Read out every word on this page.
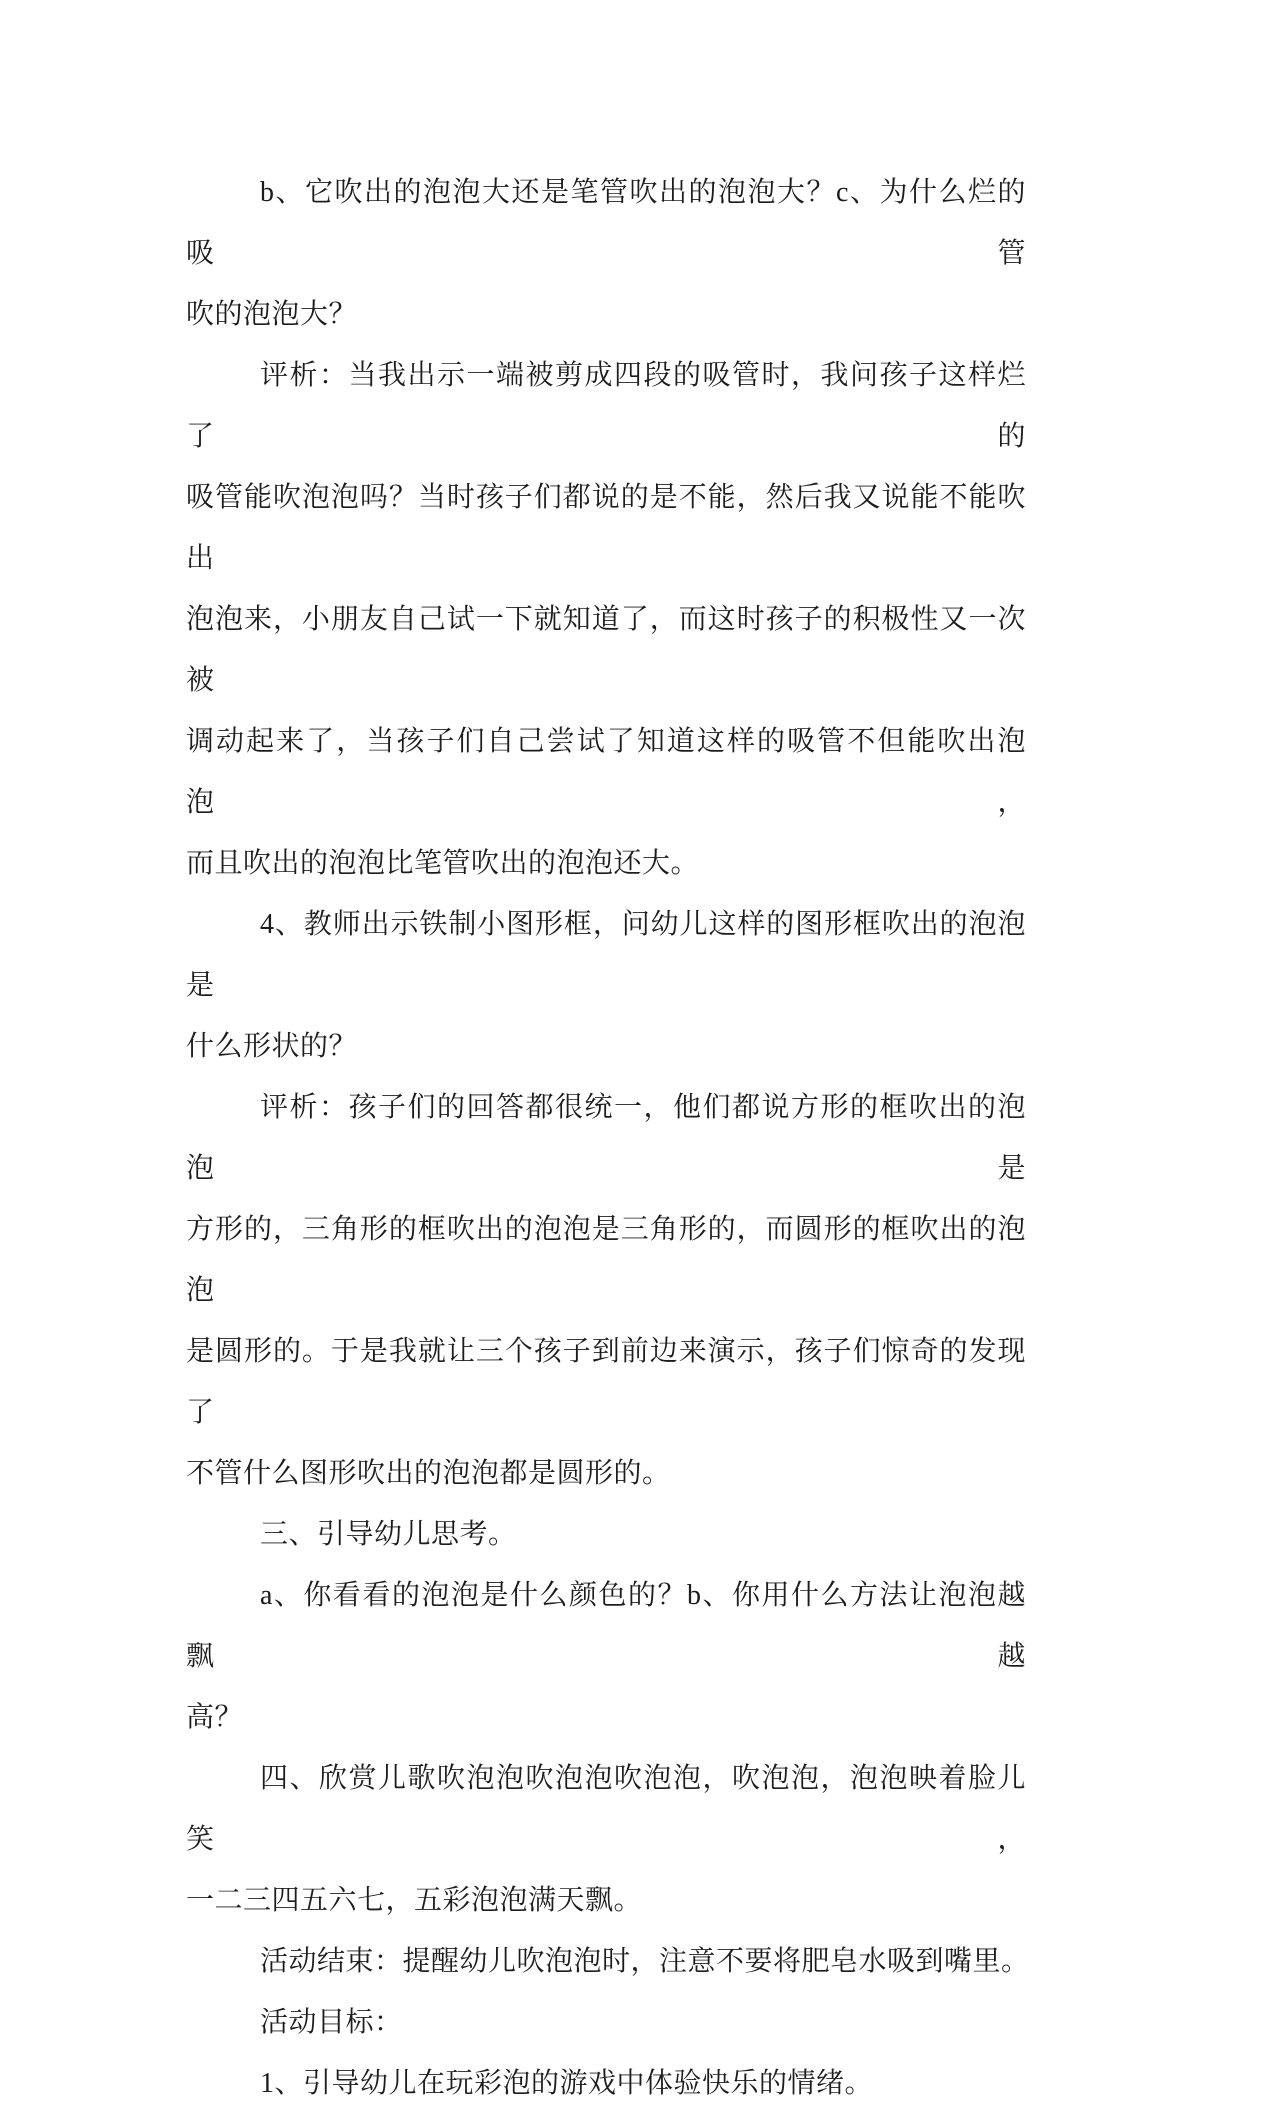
b、它吹出的泡泡大还是笔管吹出的泡泡大？c、为什么烂的吸管
吹的泡泡大？
评析：当我出示一端被剪成四段的吸管时，我问孩子这样烂了的
吸管能吹泡泡吗？当时孩子们都说的是不能，然后我又说能不能吹出
泡泡来，小朋友自己试一下就知道了，而这时孩子的积极性又一次被
调动起来了，当孩子们自己尝试了知道这样的吸管不但能吹出泡泡，
而且吹出的泡泡比笔管吹出的泡泡还大。
4、教师出示铁制小图形框，问幼儿这样的图形框吹出的泡泡是
什么形状的？
评析：孩子们的回答都很统一，他们都说方形的框吹出的泡泡是
方形的，三角形的框吹出的泡泡是三角形的，而圆形的框吹出的泡泡
是圆形的。于是我就让三个孩子到前边来演示，孩子们惊奇的发现了
不管什么图形吹出的泡泡都是圆形的。
三、引导幼儿思考。
a、你看看的泡泡是什么颜色的？b、你用什么方法让泡泡越飘越
高？
四、欣赏儿歌吹泡泡吹泡泡吹泡泡，吹泡泡，泡泡映着脸儿笑，
一二三四五六七，五彩泡泡满天飘。
活动结束：提醒幼儿吹泡泡时，注意不要将肥皂水吸到嘴里。
活动目标：
1、引导幼儿在玩彩泡的游戏中体验快乐的情绪。
